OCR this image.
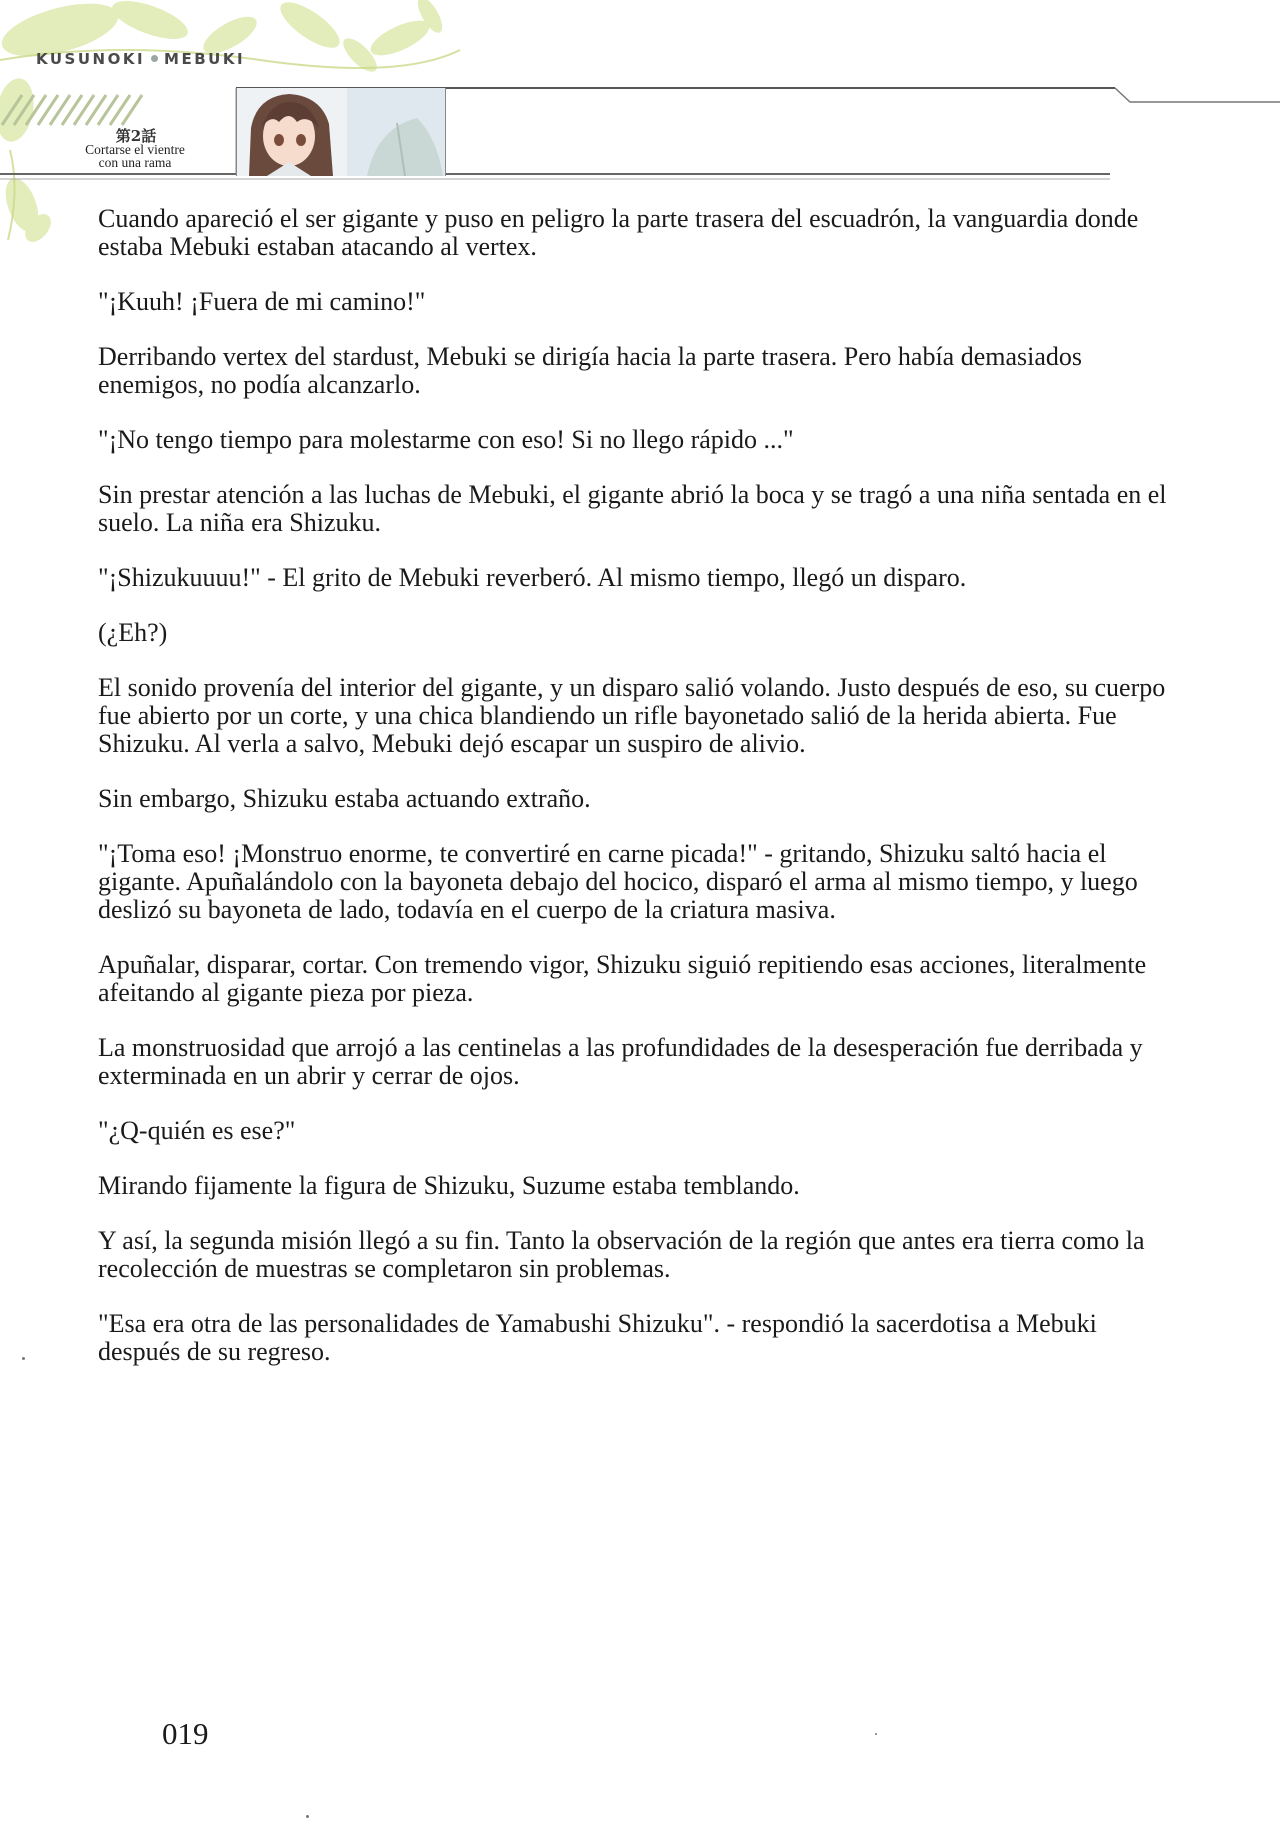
KUSUNOKI MEBUKI
第2話
Cortarse el vientre
con una rama

Cuando apareció el ser gigante y puso en peligro la parte trasera del escuadrón, la vanguardia donde estaba Mebuki estaban atacando al vertex.

"¡Kuuh! ¡Fuera de mi camino!"

Derribando vertex del stardust, Mebuki se dirigía hacia la parte trasera. Pero había demasiados enemigos, no podía alcanzarlo.

"¡No tengo tiempo para molestarme con eso! Si no llego rápido ..."

Sin prestar atención a las luchas de Mebuki, el gigante abrió la boca y se tragó a una niña sentada en el suelo. La niña era Shizuku.

"¡Shizukuuuu!" - El grito de Mebuki reverberó. Al mismo tiempo, llegó un disparo.

(¿Eh?)

El sonido provenía del interior del gigante, y un disparo salió volando. Justo después de eso, su cuerpo fue abierto por un corte, y una chica blandiendo un rifle bayonetado salió de la herida abierta. Fue Shizuku. Al verla a salvo, Mebuki dejó escapar un suspiro de alivio.

Sin embargo, Shizuku estaba actuando extraño.

"¡Toma eso! ¡Monstruo enorme, te convertiré en carne picada!" - gritando, Shizuku saltó hacia el gigante. Apuñalándolo con la bayoneta debajo del hocico, disparó el arma al mismo tiempo, y luego deslizó su bayoneta de lado, todavía en el cuerpo de la criatura masiva.

Apuñalar, disparar, cortar. Con tremendo vigor, Shizuku siguió repitiendo esas acciones, literalmente afeitando al gigante pieza por pieza.

La monstruosidad que arrojó a las centinelas a las profundidades de la desesperación fue derribada y exterminada en un abrir y cerrar de ojos.

"¿Q-quién es ese?"

Mirando fijamente la figura de Shizuku, Suzume estaba temblando.

Y así, la segunda misión llegó a su fin. Tanto la observación de la región que antes era tierra como la recolección de muestras se completaron sin problemas.

"Esa era otra de las personalidades de Yamabushi Shizuku". - respondió la sacerdotisa a Mebuki después de su regreso.

019
